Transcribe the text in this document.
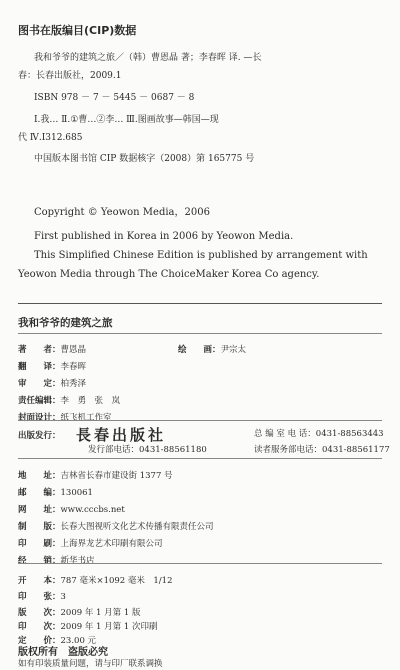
图书在版编目(CIP)数据
我和爷爷的建筑之旅／（韩）曹恩晶 著；李春晖 译. —长
春：长春出版社，2009.1
ISBN 978 － 7 － 5445 － 0687 － 8
Ⅰ.我… Ⅱ.①曹…②李… Ⅲ.图画故事—韩国—现
代 Ⅳ.I312.685
中国版本图书馆 CIP 数据核字（2008）第 165775 号
Copyright © Yeowon Media，2006
First published in Korea in 2006 by Yeowon Media.
This Simplified Chinese Edition is published by arrangement with
Yeowon Media through The ChoiceMaker Korea Co agency.
我和爷爷的建筑之旅
著　　者：曹恩晶	绘　　画：尹宗太
翻　　译：李春晖
审　　定：柏秀泽
责任编辑：李　勇　张　岚
封面设计：纸飞机工作室
出版发行： 長春出版社	总 编 室 电 话：0431-88563443
发行部电话：0431-88561180	读者服务部电话：0431-88561177
地　　址：吉林省长春市建设街 1377 号
邮　　编：130061
网　　址：www.cccbs.net
制　　版：长春大图视听文化艺术传播有限责任公司
印　　刷：上海界龙艺术印刷有限公司
经　　销：新华书店
开　　本：787 毫米×1092 毫米　1/12
印　　张：3
版　　次：2009 年 1 月第 1 版
印　　次：2009 年 1 月第 1 次印刷
定　　价：23.00 元
版权所有　盗版必究
如有印装质量问题，请与印厂联系调换
